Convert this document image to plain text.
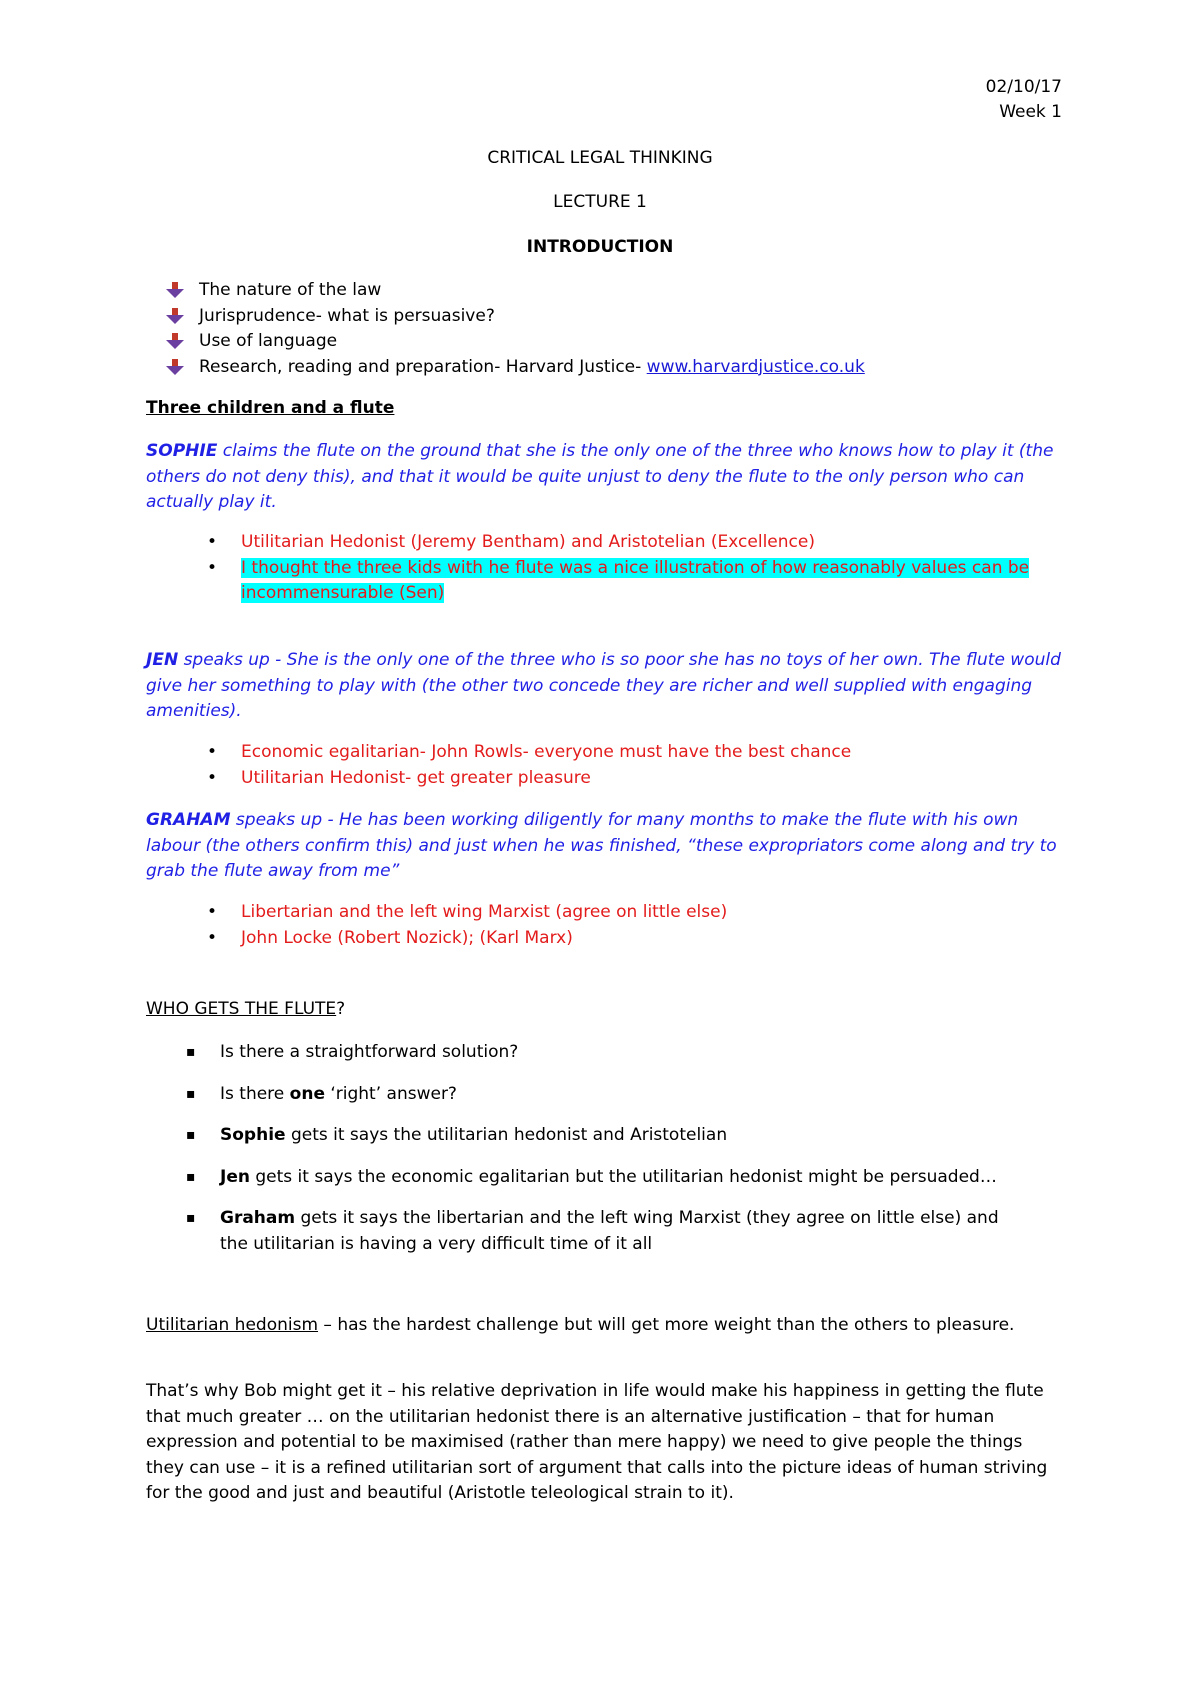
02/10/17
Week 1
CRITICAL LEGAL THINKING
LECTURE 1
INTRODUCTION
The nature of the law
Jurisprudence- what is persuasive?
Use of language
Research, reading and preparation- Harvard Justice- www.harvardjustice.co.uk
Three children and a flute

SOPHIE claims the flute on the ground that she is the only one of the three who knows how to play it (the others do not deny this), and that it would be quite unjust to deny the flute to the only person who can actually play it.

• Utilitarian Hedonist (Jeremy Bentham) and Aristotelian (Excellence)
• I thought the three kids with he flute was a nice illustration of how reasonably values can be incommensurable (Sen)

JEN speaks up - She is the only one of the three who is so poor she has no toys of her own. The flute would give her something to play with (the other two concede they are richer and well supplied with engaging amenities).

• Economic egalitarian- John Rowls- everyone must have the best chance
• Utilitarian Hedonist- get greater pleasure

GRAHAM speaks up - He has been working diligently for many months to make the flute with his own labour (the others confirm this) and just when he was finished, “these expropriators come along and try to grab the flute away from me”

• Libertarian and the left wing Marxist (agree on little else)
• John Locke (Robert Nozick); (Karl Marx)
WHO GETS THE FLUTE?
▪ Is there a straightforward solution?
▪ Is there one ‘right’ answer?
▪ Sophie gets it says the utilitarian hedonist and Aristotelian
▪ Jen gets it says the economic egalitarian but the utilitarian hedonist might be persuaded…
▪ Graham gets it says the libertarian and the left wing Marxist (they agree on little else) and the utilitarian is having a very difficult time of it all

Utilitarian hedonism – has the hardest challenge but will get more weight than the others to pleasure.

That’s why Bob might get it – his relative deprivation in life would make his happiness in getting the flute that much greater … on the utilitarian hedonist there is an alternative justification – that for human expression and potential to be maximised (rather than mere happy) we need to give people the things they can use – it is a refined utilitarian sort of argument that calls into the picture ideas of human striving for the good and just and beautiful (Aristotle teleological strain to it).
